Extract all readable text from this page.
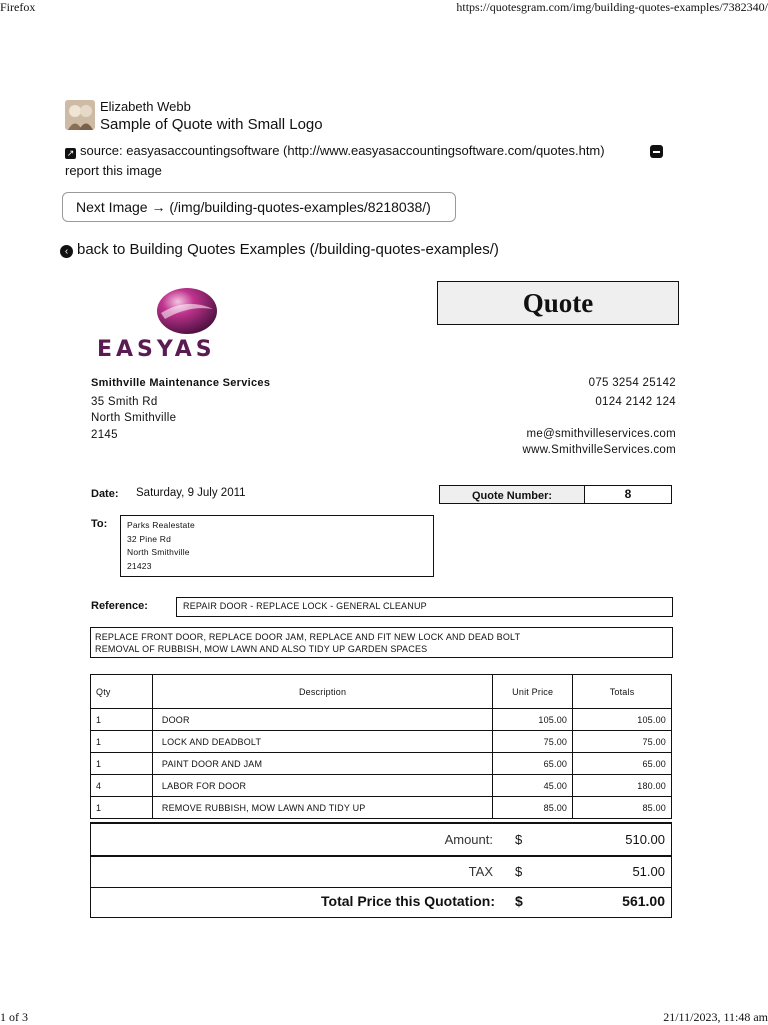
Firefox	https://quotesgram.com/img/building-quotes-examples/7382340/
1 of 3	21/11/2023, 11:48 am
Elizabeth Webb
Sample of Quote with Small Logo
↗ source: easyasaccountingsoftware (http://www.easyasaccountingsoftware.com/quotes.htm)
report this image
Next Image → (/img/building-quotes-examples/8218038/)
‹ back to Building Quotes Examples (/building-quotes-examples/)
EASYAS
Quote
Smithville Maintenance Services
35 Smith Rd
North Smithville
2145
075 3254 25142
0124 2142 124
me@smithvilleservices.com
www.SmithvilleServices.com
Date: Saturday, 9 July 2011	Quote Number:	8
To: Parks Realestate
32 Pine Rd
North Smithville
21423
Reference:	REPAIR DOOR - REPLACE LOCK - GENERAL CLEANUP
REPLACE FRONT DOOR, REPLACE DOOR JAM, REPLACE AND FIT NEW LOCK AND DEAD BOLT
REMOVAL OF RUBBISH, MOW LAWN AND ALSO TIDY UP GARDEN SPACES
Qty	Description	Unit Price	Totals
1	DOOR	105.00	105.00
1	LOCK AND DEADBOLT	75.00	75.00
1	PAINT DOOR AND JAM	65.00	65.00
4	LABOR FOR DOOR	45.00	180.00
1	REMOVE RUBBISH, MOW LAWN AND TIDY UP	85.00	85.00
Amount: $	510.00
TAX $	51.00
Total Price this Quotation: $	561.00
